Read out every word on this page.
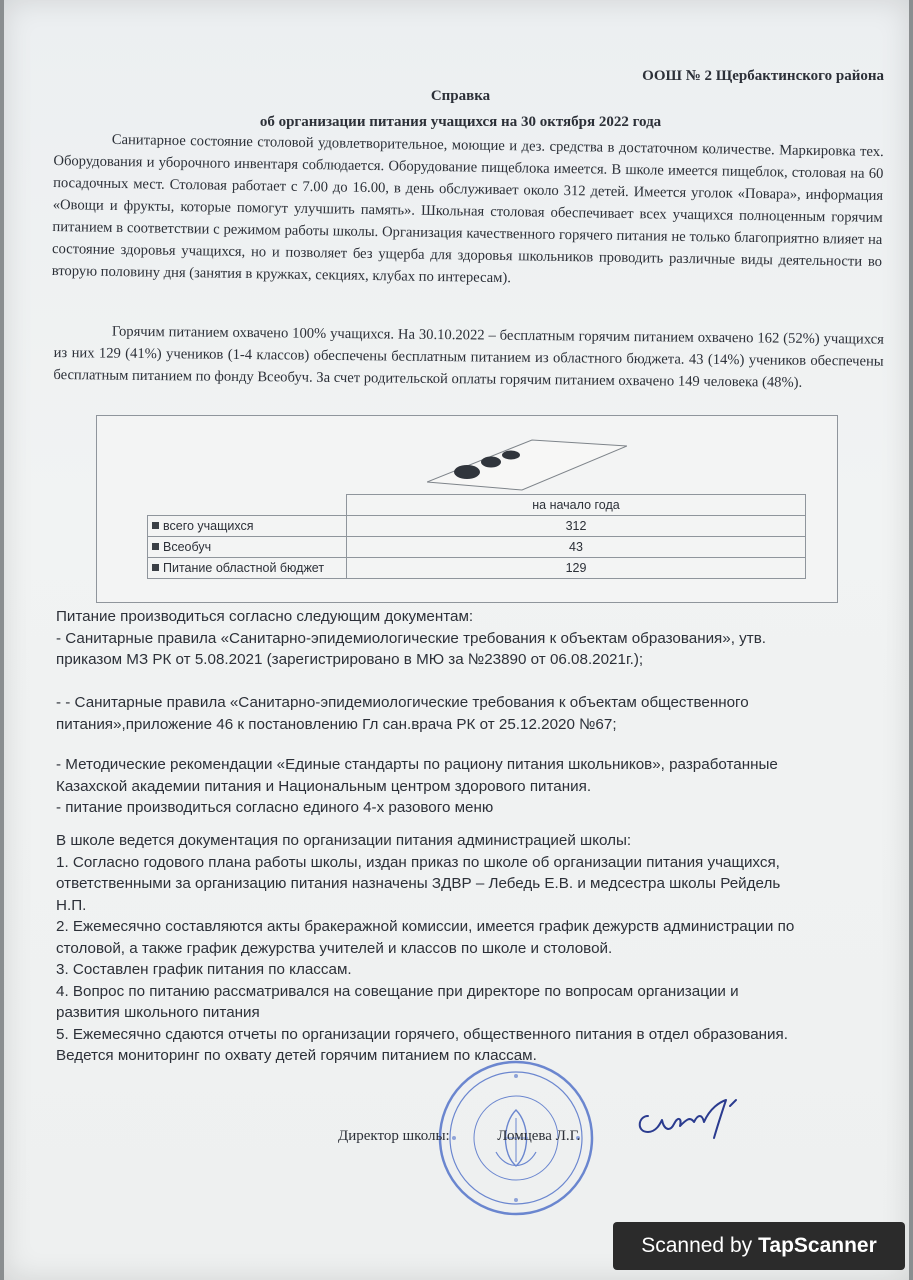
ООШ № 2 Щербактинского района
Справка
об организации питания учащихся на 30 октября 2022 года

Санитарное состояние столовой удовлетворительное, моющие и дез. средства в достаточном количестве. Маркировка тех. Оборудования и уборочного инвентаря соблюдается. Оборудование пищеблока имеется. В школе имеется пищеблок, столовая на 60 посадочных мест. Столовая работает с 7.00 до 16.00, в день обслуживает около 312 детей. Имеется уголок «Повара», информация «Овощи и фрукты, которые помогут улучшить память». Школьная столовая обеспечивает всех учащихся полноценным горячим питанием в соответствии с режимом работы школы. Организация качественного горячего питания не только благоприятно влияет на состояние здоровья учащихся, но и позволяет без ущерба для здоровья школьников проводить различные виды деятельности во вторую половину дня (занятия в кружках, секциях, клубах по интересам).

Горячим питанием охвачено 100% учащихся. На 30.10.2022 – бесплатным горячим питанием охвачено 162 (52%) учащихся из них 129 (41%) учеников (1-4 классов) обеспечены бесплатным питанием из областного бюджета. 43 (14%) учеников обеспечены бесплатным питанием по фонду Всеобуч. За счет родительской оплаты горячим питанием охвачено 149 человека (48%).

	на начало года
всего учащихся	312
Всеобуч	43
Питание областной бюджет	129
Питание производиться согласно следующим документам:
- Санитарные правила «Санитарно-эпидемиологические требования к объектам образования», утв.
приказом МЗ РК от 5.08.2021 (зарегистрировано в МЮ за №23890 от 06.08.2021г.);
- - Санитарные правила «Санитарно-эпидемиологические требования к объектам общественного
питания»,приложение 46 к постановлению Гл сан.врача РК от 25.12.2020 №67;
- Методические рекомендации «Единые стандарты по рациону питания школьников», разработанные
Казахской академии питания и Национальным центром здорового питания.
- питание производиться согласно единого 4-х разового меню
В школе ведется документация по организации питания администрацией школы:
1. Согласно годового плана работы школы, издан приказ по школе об организации питания учащихся,
ответственными за организацию питания назначены ЗДВР – Лебедь Е.В. и медсестра школы Рейдель
Н.П.
2. Ежемесячно составляются акты бракеражной комиссии, имеется график дежурств администрации по
столовой, а также график дежурства учителей и классов по школе и столовой.
3. Составлен график питания по классам.
4. Вопрос по питанию рассматривался на совещание при директоре по вопросам организации и
развития школьного питания
5. Ежемесячно сдаются отчеты по организации горячего, общественного питания в отдел образования.
Ведется мониторинг по охвату детей горячим питанием по классам.
Директор школы:	Ломцева Л.Г.
Scanned by TapScanner
